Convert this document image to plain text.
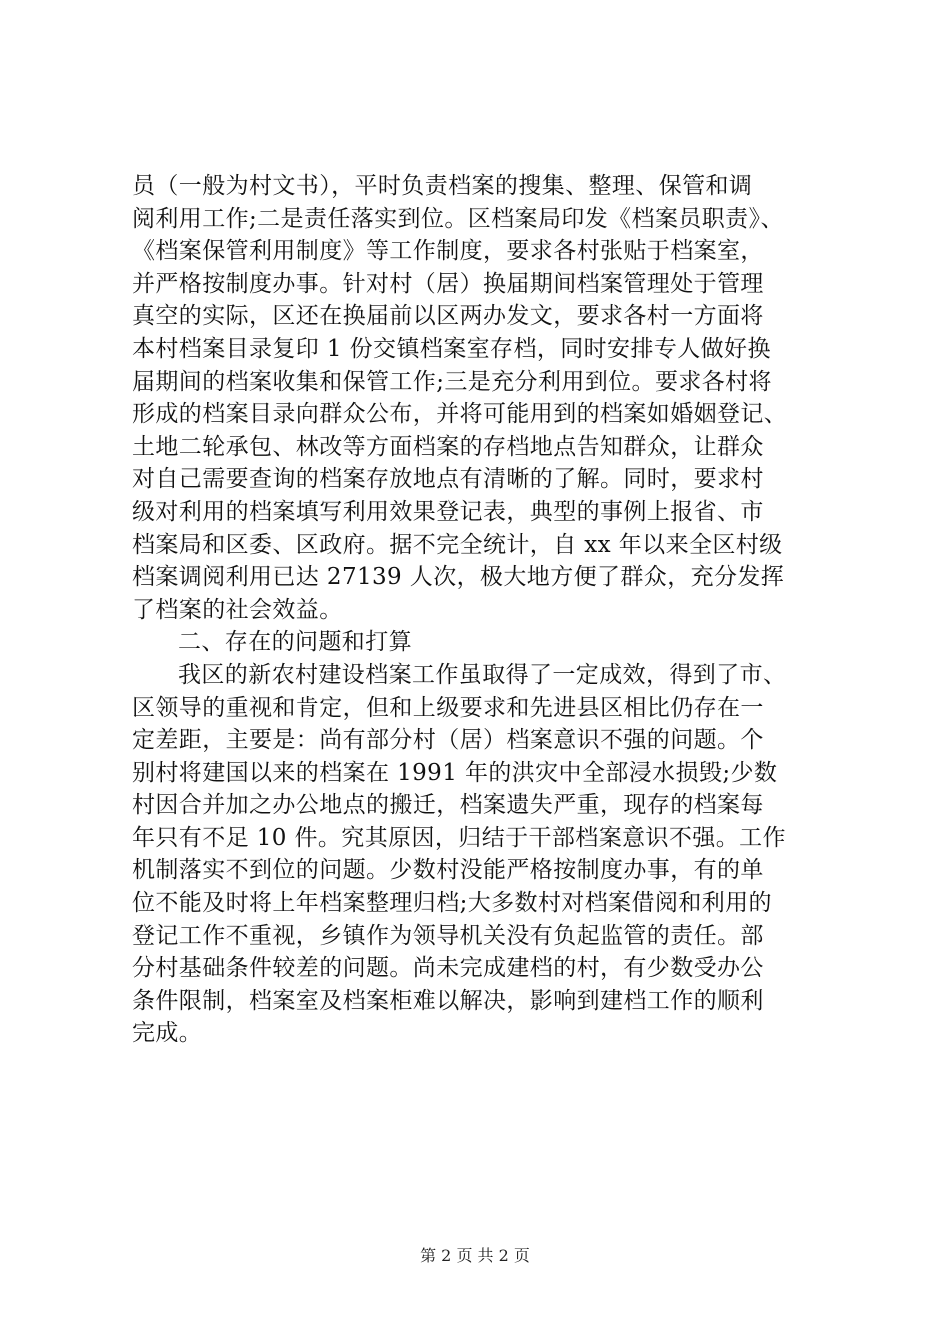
员（一般为村文书），平时负责档案的搜集、整理、保管和调
阅利用工作;二是责任落实到位。区档案局印发《档案员职责》、
《档案保管利用制度》等工作制度，要求各村张贴于档案室，
并严格按制度办事。针对村（居）换届期间档案管理处于管理
真空的实际，区还在换届前以区两办发文，要求各村一方面将
本村档案目录复印 1 份交镇档案室存档，同时安排专人做好换
届期间的档案收集和保管工作;三是充分利用到位。要求各村将
形成的档案目录向群众公布，并将可能用到的档案如婚姻登记、
土地二轮承包、林改等方面档案的存档地点告知群众，让群众
对自己需要查询的档案存放地点有清晰的了解。同时，要求村
级对利用的档案填写利用效果登记表，典型的事例上报省、市
档案局和区委、区政府。据不完全统计，自 xx 年以来全区村级
档案调阅利用已达 27139 人次，极大地方便了群众，充分发挥
了档案的社会效益。
二、存在的问题和打算
我区的新农村建设档案工作虽取得了一定成效，得到了市、
区领导的重视和肯定，但和上级要求和先进县区相比仍存在一
定差距，主要是：尚有部分村（居）档案意识不强的问题。个
别村将建国以来的档案在 1991 年的洪灾中全部浸水损毁;少数
村因合并加之办公地点的搬迁，档案遗失严重，现存的档案每
年只有不足 10 件。究其原因，归结于干部档案意识不强。工作
机制落实不到位的问题。少数村没能严格按制度办事，有的单
位不能及时将上年档案整理归档;大多数村对档案借阅和利用的
登记工作不重视，乡镇作为领导机关没有负起监管的责任。部
分村基础条件较差的问题。尚未完成建档的村，有少数受办公
条件限制，档案室及档案柜难以解决，影响到建档工作的顺利
完成。
第 2 页 共 2 页
